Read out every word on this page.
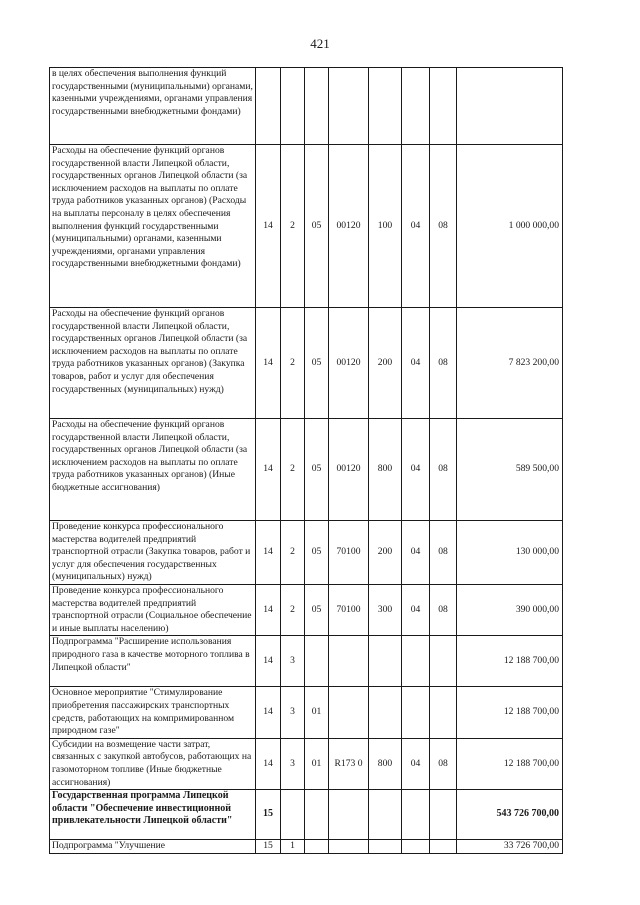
421
в целях обеспечения выполнения функций государственными (муниципальными) органами, казенными учреждениями, органами управления государственными внебюджетными фондами)								
Расходы на обеспечение функций органов государственной власти Липецкой области, государственных органов Липецкой области (за исключением расходов на выплаты по оплате труда работников указанных органов) (Расходы на выплаты персоналу в целях обеспечения выполнения функций государственными (муниципальными) органами, казенными учреждениями, органами управления государственными внебюджетными фондами)	14	2	05	00120	100	04	08	1 000 000,00
Расходы на обеспечение функций органов государственной власти Липецкой области, государственных органов Липецкой области (за исключением расходов на выплаты по оплате труда работников указанных органов) (Закупка товаров, работ и услуг для обеспечения государственных (муниципальных) нужд)	14	2	05	00120	200	04	08	7 823 200,00
Расходы на обеспечение функций органов государственной власти Липецкой области, государственных органов Липецкой области (за исключением расходов на выплаты по оплате труда работников указанных органов) (Иные бюджетные ассигнования)	14	2	05	00120	800	04	08	589 500,00
Проведение конкурса профессионального мастерства водителей предприятий транспортной отрасли (Закупка товаров, работ и услуг для обеспечения государственных (муниципальных) нужд)	14	2	05	70100	200	04	08	130 000,00
Проведение конкурса профессионального мастерства водителей предприятий транспортной отрасли (Социальное обеспечение и иные выплаты населению)	14	2	05	70100	300	04	08	390 000,00
Подпрограмма "Расширение использования природного газа в качестве моторного топлива в Липецкой области"	14	3						12 188 700,00
Основное мероприятие "Стимулирование приобретения пассажирских транспортных средств, работающих на компримированном природном газе"	14	3	01					12 188 700,00
Субсидии на возмещение части затрат, связанных с закупкой автобусов, работающих на газомоторном топливе (Иные бюджетные ассигнования)	14	3	01	R173 0	800	04	08	12 188 700,00
Государственная программа Липецкой области "Обеспечение инвестиционной привлекательности Липецкой области"	15							543 726 700,00
Подпрограмма "Улучшение	15	1						33 726 700,00
